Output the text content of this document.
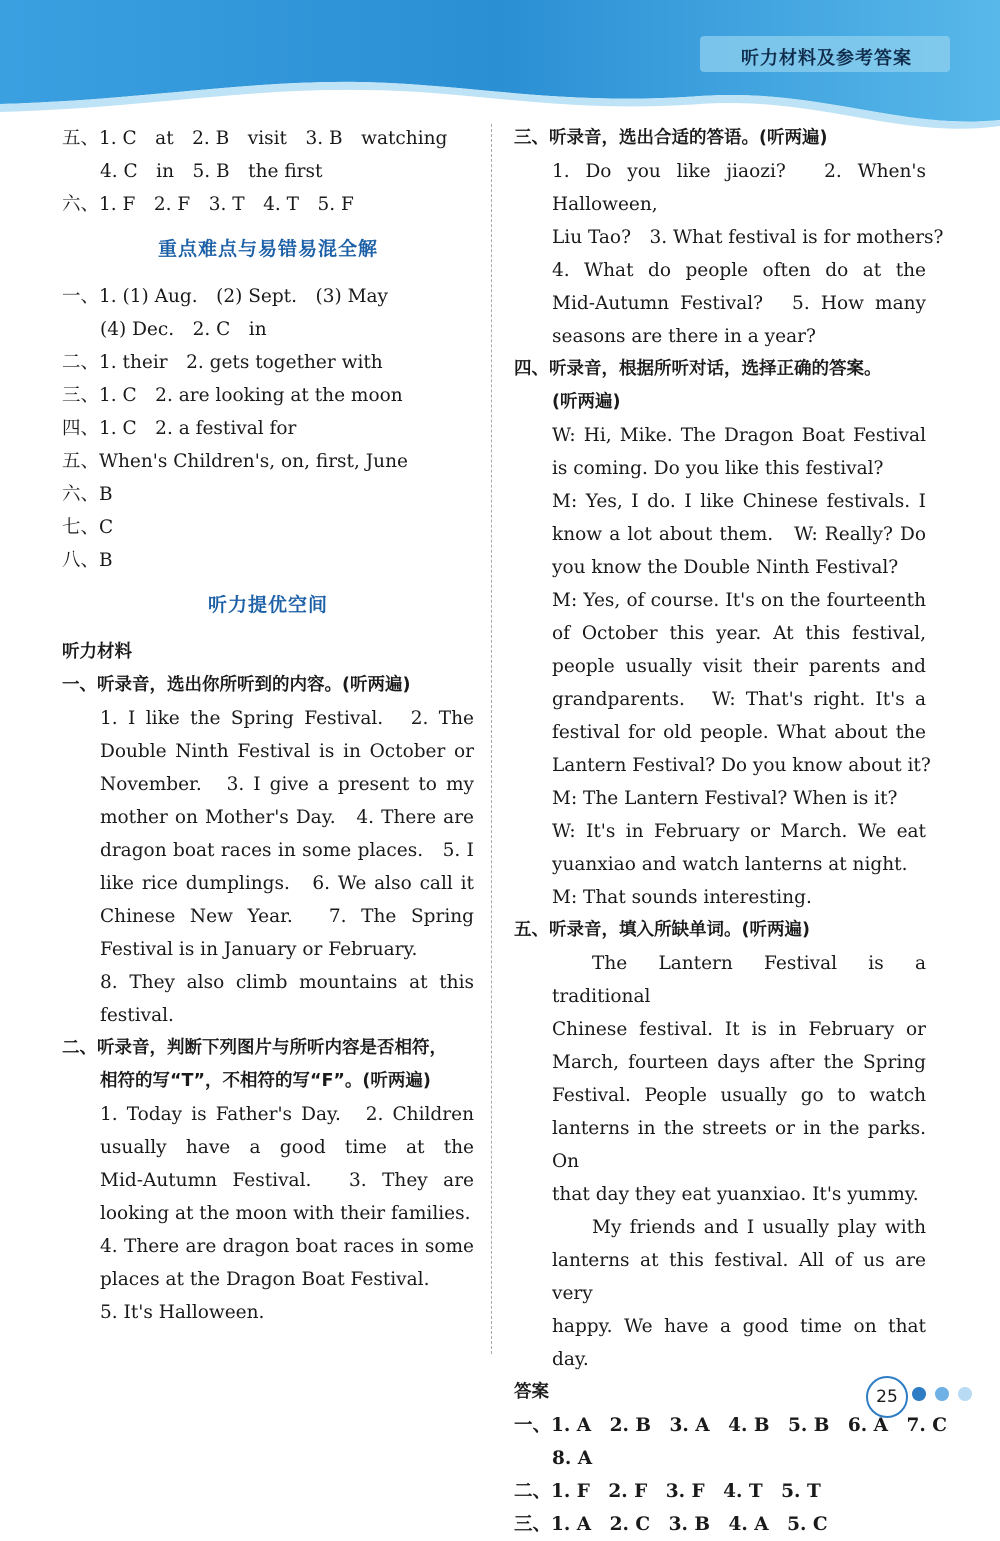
听力材料及参考答案
五、1. C　at　2. B　visit　3. B　watching
4. C　in　5. B　the first
六、1. F　2. F　3. T　4. T　5. F
重点难点与易错易混全解
一、1. (1) Aug.　(2) Sept.　(3) May
(4) Dec.　2. C　in
二、1. their　2. gets together with
三、1. C　2. are looking at the moon
四、1. C　2. a festival for
五、When's Children's, on, first, June
六、B
七、C
八、B
听力提优空间
听力材料
一、听录音，选出你所听到的内容。(听两遍)
1. I like the Spring Festival.　2. The
Double Ninth Festival is in October or
November.　3. I give a present to my
mother on Mother's Day.　4. There are
dragon boat races in some places.　5. I
like rice dumplings.　6. We also call it
Chinese New Year.　7. The Spring
Festival is in January or February.
8. They also climb mountains at this
festival.
二、听录音，判断下列图片与所听内容是否相符，
相符的写“T”，不相符的写“F”。(听两遍)
1. Today is Father's Day.　2. Children
usually have a good time at the
Mid-Autumn Festival.　3. They are
looking at the moon with their families.
4. There are dragon boat races in some
places at the Dragon Boat Festival.
5. It's Halloween.
三、听录音，选出合适的答语。(听两遍)
1. Do you like jiaozi?　2. When's Halloween,
Liu Tao?　3. What festival is for mothers?
4. What do people often do at the
Mid-Autumn Festival?　5. How many
seasons are there in a year?
四、听录音，根据所听对话，选择正确的答案。
(听两遍)
W: Hi, Mike. The Dragon Boat Festival
is coming. Do you like this festival?
M: Yes, I do. I like Chinese festivals. I
know a lot about them.　W: Really? Do
you know the Double Ninth Festival?
M: Yes, of course. It's on the fourteenth
of October this year. At this festival,
people usually visit their parents and
grandparents.　W: That's right. It's a
festival for old people. What about the
Lantern Festival? Do you know about it?
M: The Lantern Festival? When is it?
W: It's in February or March. We eat
yuanxiao and watch lanterns at night.
M: That sounds interesting.
五、听录音，填入所缺单词。(听两遍)
The Lantern Festival is a traditional
Chinese festival. It is in February or
March, fourteen days after the Spring
Festival. People usually go to watch
lanterns in the streets or in the parks. On
that day they eat yuanxiao. It's yummy.
My friends and I usually play with
lanterns at this festival. All of us are very
happy. We have a good time on that day.
答案
一、1. A　2. B　3. A　4. B　5. B　6. A　7. C
8. A
二、1. F　2. F　3. F　4. T　5. T
三、1. A　2. C　3. B　4. A　5. C
25
